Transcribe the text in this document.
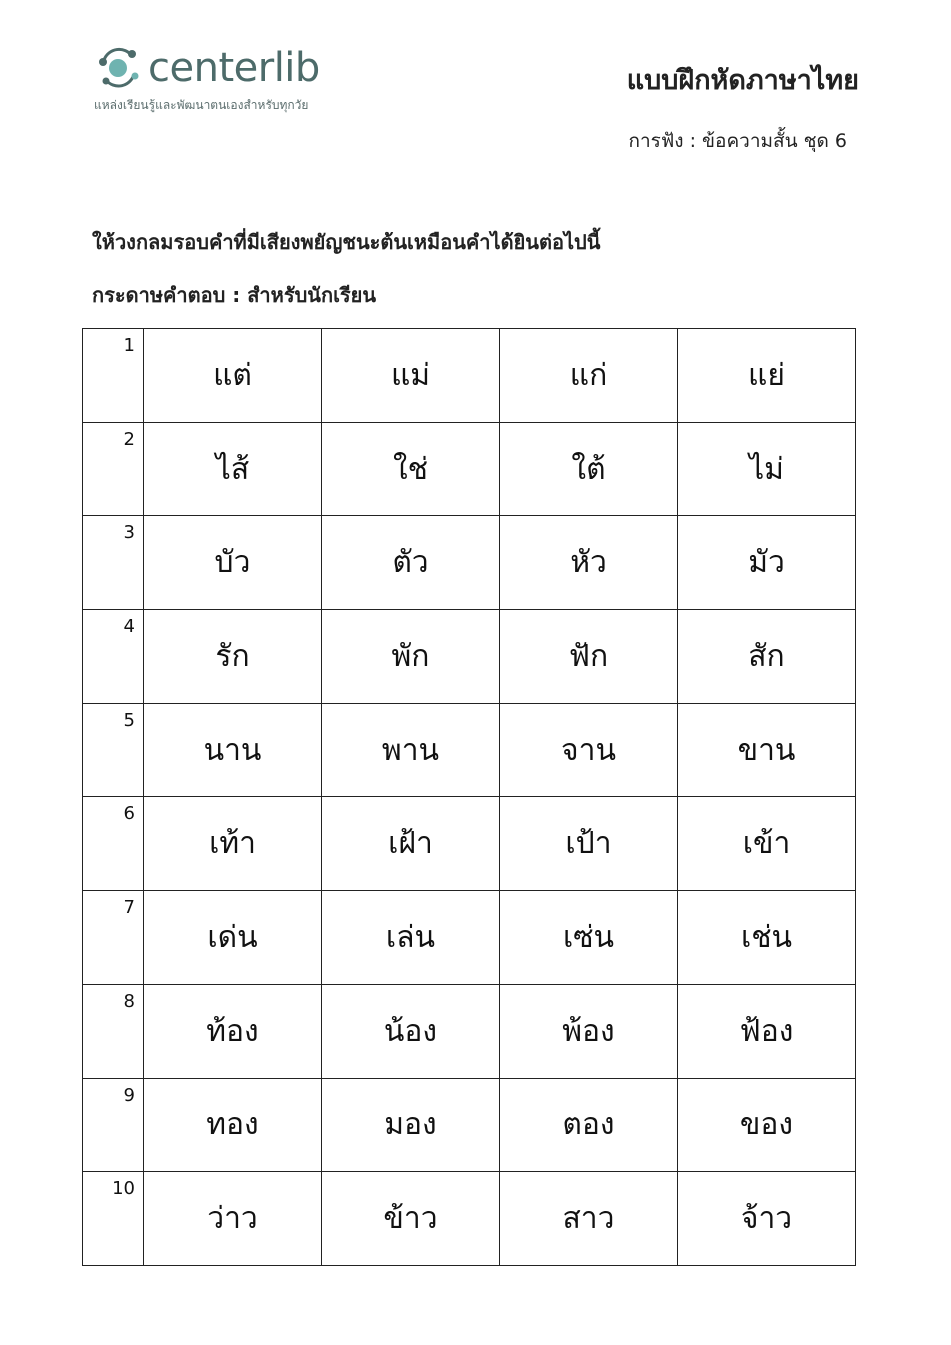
centerlib
แหล่งเรียนรู้และพัฒนาตนเองสำหรับทุกวัย
แบบฝึกหัดภาษาไทย
การฟัง : ข้อความสั้น ชุด 6
ให้วงกลมรอบคำที่มีเสียงพยัญชนะต้นเหมือนคำได้ยินต่อไปนี้
กระดาษคำตอบ : สำหรับนักเรียน
1	แต่	แม่	แก่	แย่
2	ไส้	ใช่	ใต้	ไม่
3	บัว	ตัว	หัว	มัว
4	รัก	พัก	ฟัก	สัก
5	นาน	พาน	จาน	ขาน
6	เท้า	เฝ้า	เป้า	เข้า
7	เด่น	เล่น	เซ่น	เช่น
8	ท้อง	น้อง	พ้อง	ฟ้อง
9	ทอง	มอง	ตอง	ของ
10	ว่าว	ข้าว	สาว	จ้าว
